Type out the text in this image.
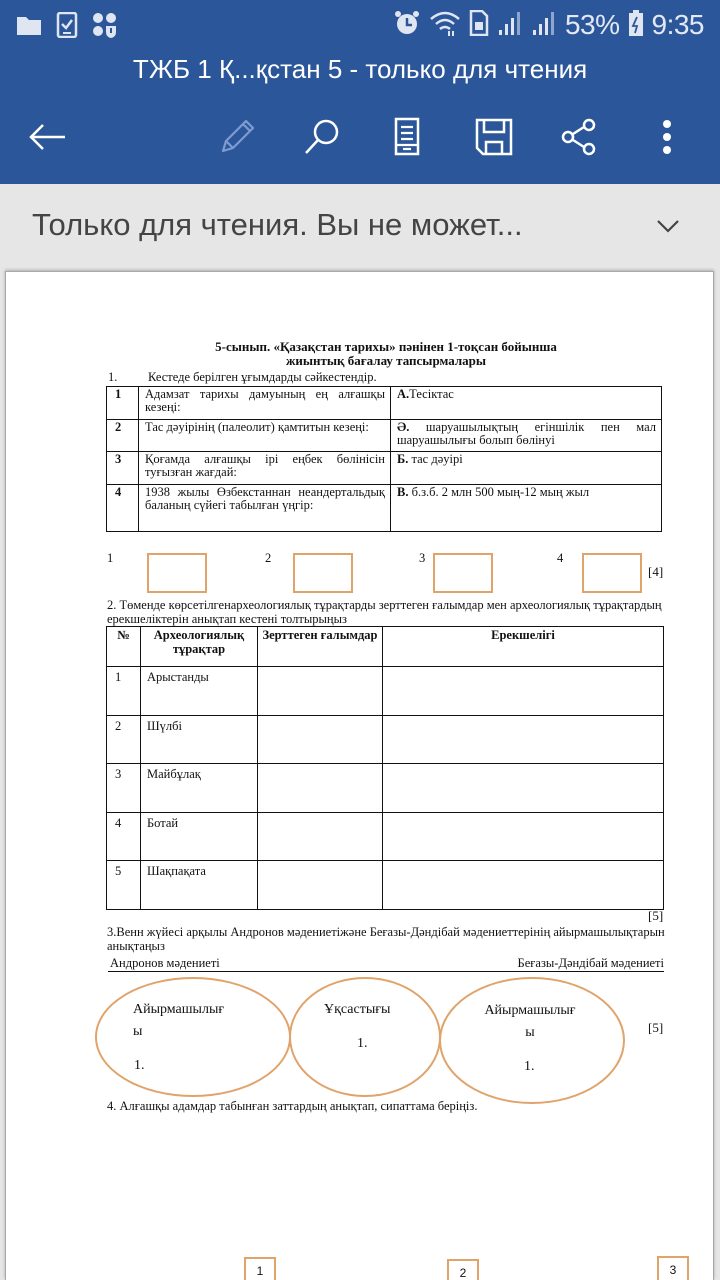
53% 9:35
ТЖБ 1 Қ...қстан 5 - только для чтения
Только для чтения. Вы не может...
5-сынып. «Қазақстан тарихы» пәнінен 1-тоқсан бойынша
жиынтық бағалау тапсырмалары
1. Кестеде берілген ұғымдарды сәйкестендір.
1	Адамзат тарихы дамуының ең алғашқы кезеңі:	А.Тесіктас
2	Тас дәуірінің (палеолит) қамтитын кезеңі:	Ә. шаруашылықтың егіншілік пен мал шаруашылығы болып бөлінуі
3	Қоғамда алғашқы ірі еңбек бөлінісін туғызған жағдай:	Б. тас дәуірі
4	1938 жылы Өзбекстаннан неандертальдық баланың сүйегі табылған үңгір:	В. б.з.б. 2 млн 500 мың-12 мың жыл
1	2	3	4
[4]
2. Төменде көрсетілгенархеологиялық тұрақтарды зерттеген ғалымдар мен археологиялық тұрақтардың ерекшеліктерін анықтап кестені толтырыңыз
№	Археологиялық тұрақтар	Зерттеген ғалымдар	Ерекшелігі
1	Арыстанды		
2	Шүлбі		
3	Майбұлақ		
4	Ботай		
5	Шақпақата		
[5]
3.Венн жүйесі арқылы Андронов мәдениетіжәне Беғазы-Дәндібай мәдениеттерінің айырмашылықтарын анықтаңыз
Андронов мәдениеті	Беғазы-Дәндібай мәдениеті
Айырмашылығ
ы
1.
Ұқсастығы
1.
Айырмашылығ
ы
1.
[5]
4. Алғашқы адамдар табынған заттардың анықтап, сипаттама беріңіз.
1	2	3
